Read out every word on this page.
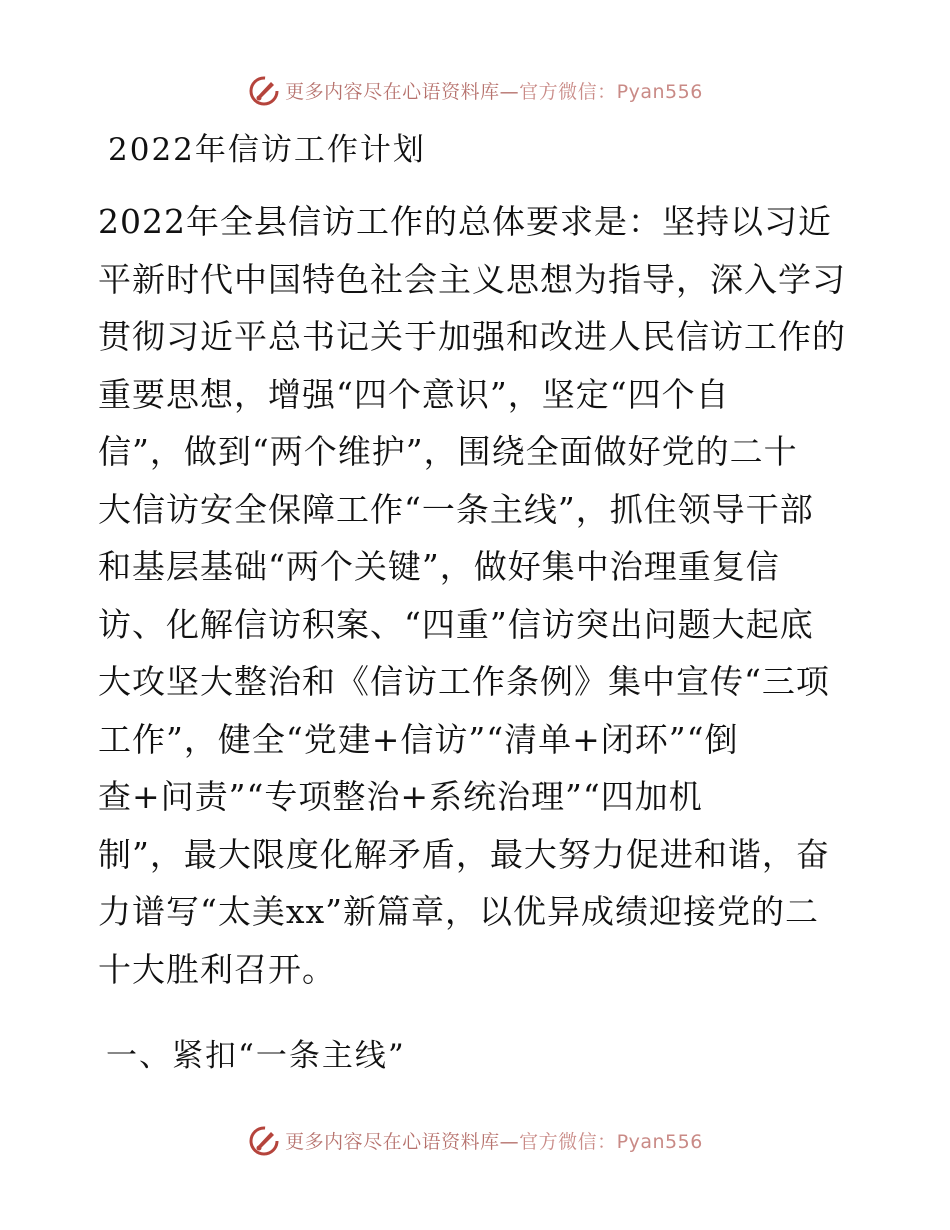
更多内容尽在心语资料库—官方微信：Pyan556
2022年信访工作计划

2022年全县信访工作的总体要求是：坚持以习近
平新时代中国特色社会主义思想为指导，深入学习
贯彻习近平总书记关于加强和改进人民信访工作的
重要思想，增强“四个意识”，坚定“四个自
信”，做到“两个维护”，围绕全面做好党的二十
大信访安全保障工作“一条主线”，抓住领导干部
和基层基础“两个关键”，做好集中治理重复信
访、化解信访积案、“四重”信访突出问题大起底
大攻坚大整治和《信访工作条例》集中宣传“三项
工作”，健全“党建+信访”“清单+闭环”“倒
查+问责”“专项整治+系统治理”“四加机
制”，最大限度化解矛盾，最大努力促进和谐，奋
力谱写“太美xx”新篇章，以优异成绩迎接党的二
十大胜利召开。

一、紧扣“一条主线”
更多内容尽在心语资料库—官方微信：Pyan556
